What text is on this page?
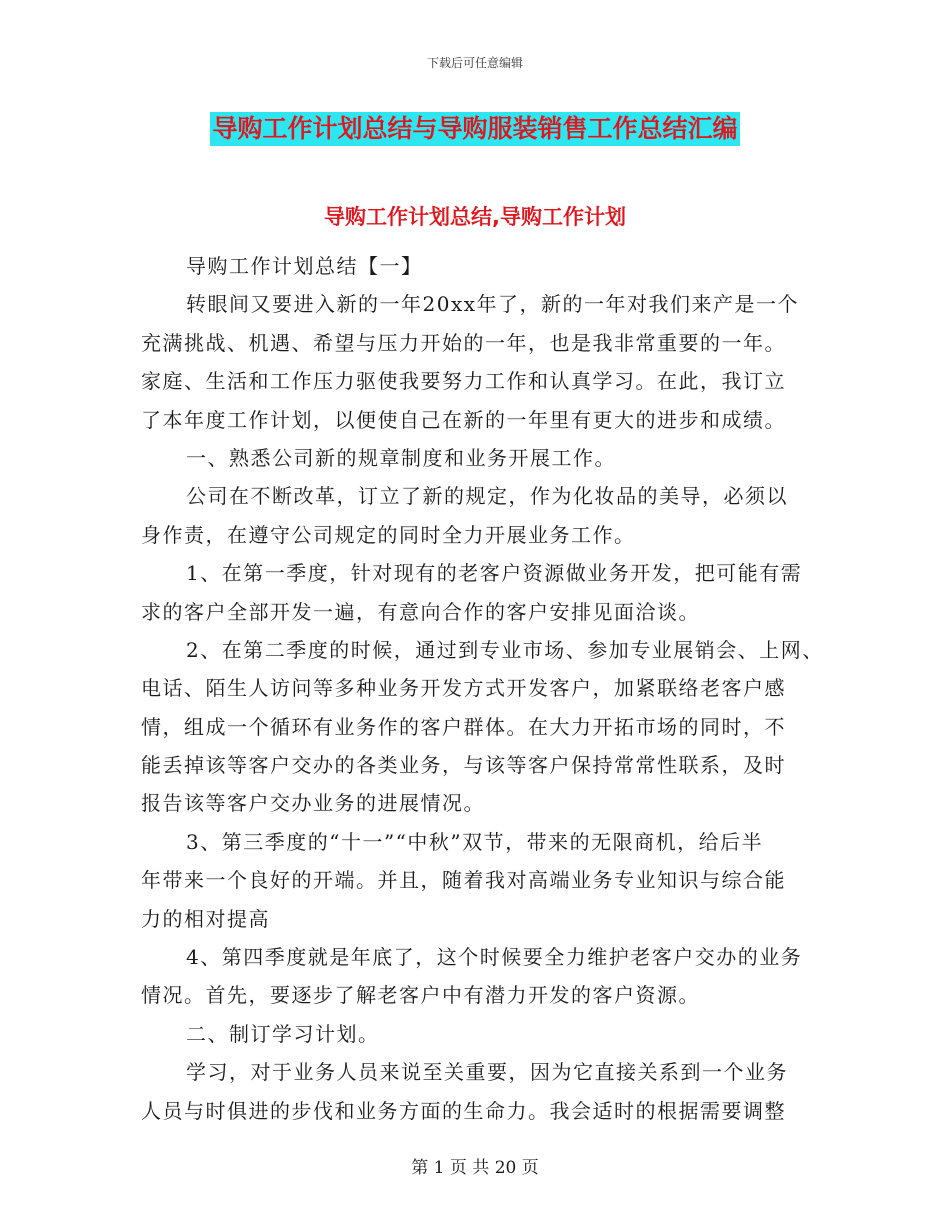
下载后可任意编辑
导购工作计划总结与导购服装销售工作总结汇编
导购工作计划总结,导购工作计划
导购工作计划总结【一】
转眼间又要进入新的一年20xx年了，新的一年对我们来产是一个
充满挑战、机遇、希望与压力开始的一年，也是我非常重要的一年。
家庭、生活和工作压力驱使我要努力工作和认真学习。在此，我订立
了本年度工作计划，以便使自己在新的一年里有更大的进步和成绩。
一、熟悉公司新的规章制度和业务开展工作。
公司在不断改革，订立了新的规定，作为化妆品的美导，必须以
身作责，在遵守公司规定的同时全力开展业务工作。
1、在第一季度，针对现有的老客户资源做业务开发，把可能有需
求的客户全部开发一遍，有意向合作的客户安排见面洽谈。
2、在第二季度的时候，通过到专业市场、参加专业展销会、上网、
电话、陌生人访问等多种业务开发方式开发客户，加紧联络老客户感
情，组成一个循环有业务作的客户群体。在大力开拓市场的同时，不
能丢掉该等客户交办的各类业务，与该等客户保持常常性联系，及时
报告该等客户交办业务的进展情况。
3、第三季度的“十一”“中秋”双节，带来的无限商机，给后半
年带来一个良好的开端。并且，随着我对高端业务专业知识与综合能
力的相对提高
4、第四季度就是年底了，这个时候要全力维护老客户交办的业务
情况。首先，要逐步了解老客户中有潜力开发的客户资源。
二、制订学习计划。
学习，对于业务人员来说至关重要，因为它直接关系到一个业务
人员与时俱进的步伐和业务方面的生命力。我会适时的根据需要调整
第 1 页 共 20 页
